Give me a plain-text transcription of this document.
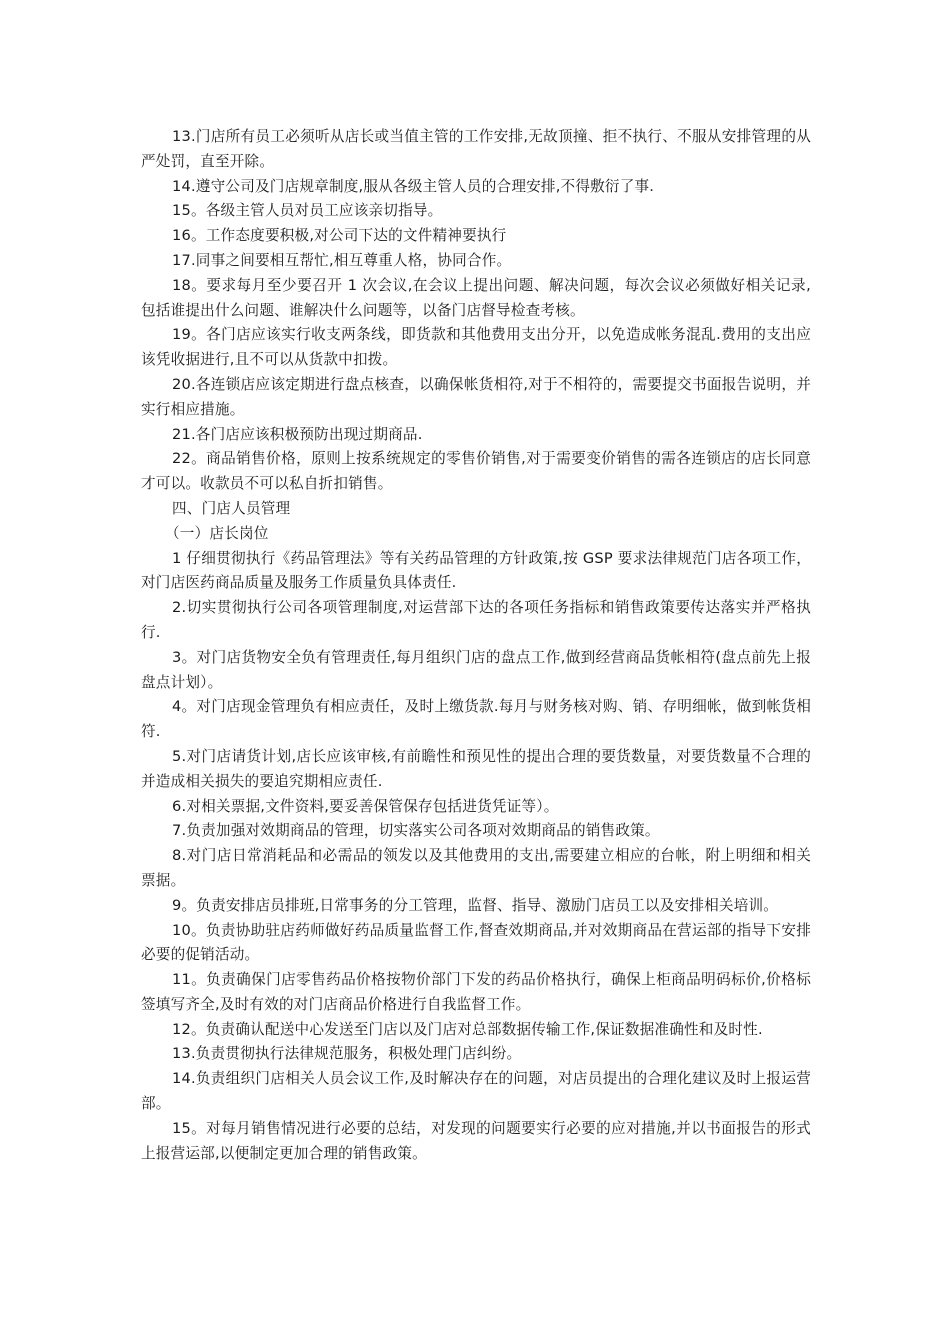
13.门店所有员工必须听从店长或当值主管的工作安排,无故顶撞、拒不执行、不服从安排管理的从严处罚，直至开除。

14.遵守公司及门店规章制度,服从各级主管人员的合理安排,不得敷衍了事.

15。各级主管人员对员工应该亲切指导。

16。工作态度要积极,对公司下达的文件精神要执行

17.同事之间要相互帮忙,相互尊重人格，协同合作。

18。要求每月至少要召开 1 次会议,在会议上提出问题、解决问题，每次会议必须做好相关记录,包括谁提出什么问题、谁解决什么问题等，以备门店督导检查考核。

19。各门店应该实行收支两条线，即货款和其他费用支出分开，以免造成帐务混乱.费用的支出应该凭收据进行,且不可以从货款中扣拨。

20.各连锁店应该定期进行盘点核查，以确保帐货相符,对于不相符的，需要提交书面报告说明，并实行相应措施。

21.各门店应该积极预防出现过期商品.

22。商品销售价格，原则上按系统规定的零售价销售,对于需要变价销售的需各连锁店的店长同意才可以。收款员不可以私自折扣销售。

四、门店人员管理

（一）店长岗位

1 仔细贯彻执行《药品管理法》等有关药品管理的方针政策,按 GSP 要求法律规范门店各项工作，对门店医药商品质量及服务工作质量负具体责任.

2.切实贯彻执行公司各项管理制度,对运营部下达的各项任务指标和销售政策要传达落实并严格执行.

3。对门店货物安全负有管理责任,每月组织门店的盘点工作,做到经营商品货帐相符(盘点前先上报盘点计划）。

4。对门店现金管理负有相应责任，及时上缴货款.每月与财务核对购、销、存明细帐，做到帐货相符.

5.对门店请货计划,店长应该审核,有前瞻性和预见性的提出合理的要货数量，对要货数量不合理的并造成相关损失的要追究期相应责任.

6.对相关票据,文件资料,要妥善保管保存包括进货凭证等）。

7.负责加强对效期商品的管理，切实落实公司各项对效期商品的销售政策。

8.对门店日常消耗品和必需品的领发以及其他费用的支出,需要建立相应的台帐，附上明细和相关票据。

9。负责安排店员排班,日常事务的分工管理，监督、指导、激励门店员工以及安排相关培训。

10。负责协助驻店药师做好药品质量监督工作,督查效期商品,并对效期商品在营运部的指导下安排必要的促销活动。

11。负责确保门店零售药品价格按物价部门下发的药品价格执行，确保上柜商品明码标价,价格标签填写齐全,及时有效的对门店商品价格进行自我监督工作。

12。负责确认配送中心发送至门店以及门店对总部数据传输工作,保证数据准确性和及时性.

13.负责贯彻执行法律规范服务，积极处理门店纠纷。

14.负责组织门店相关人员会议工作,及时解决存在的问题，对店员提出的合理化建议及时上报运营部。

15。对每月销售情况进行必要的总结，对发现的问题要实行必要的应对措施,并以书面报告的形式上报营运部,以便制定更加合理的销售政策。
